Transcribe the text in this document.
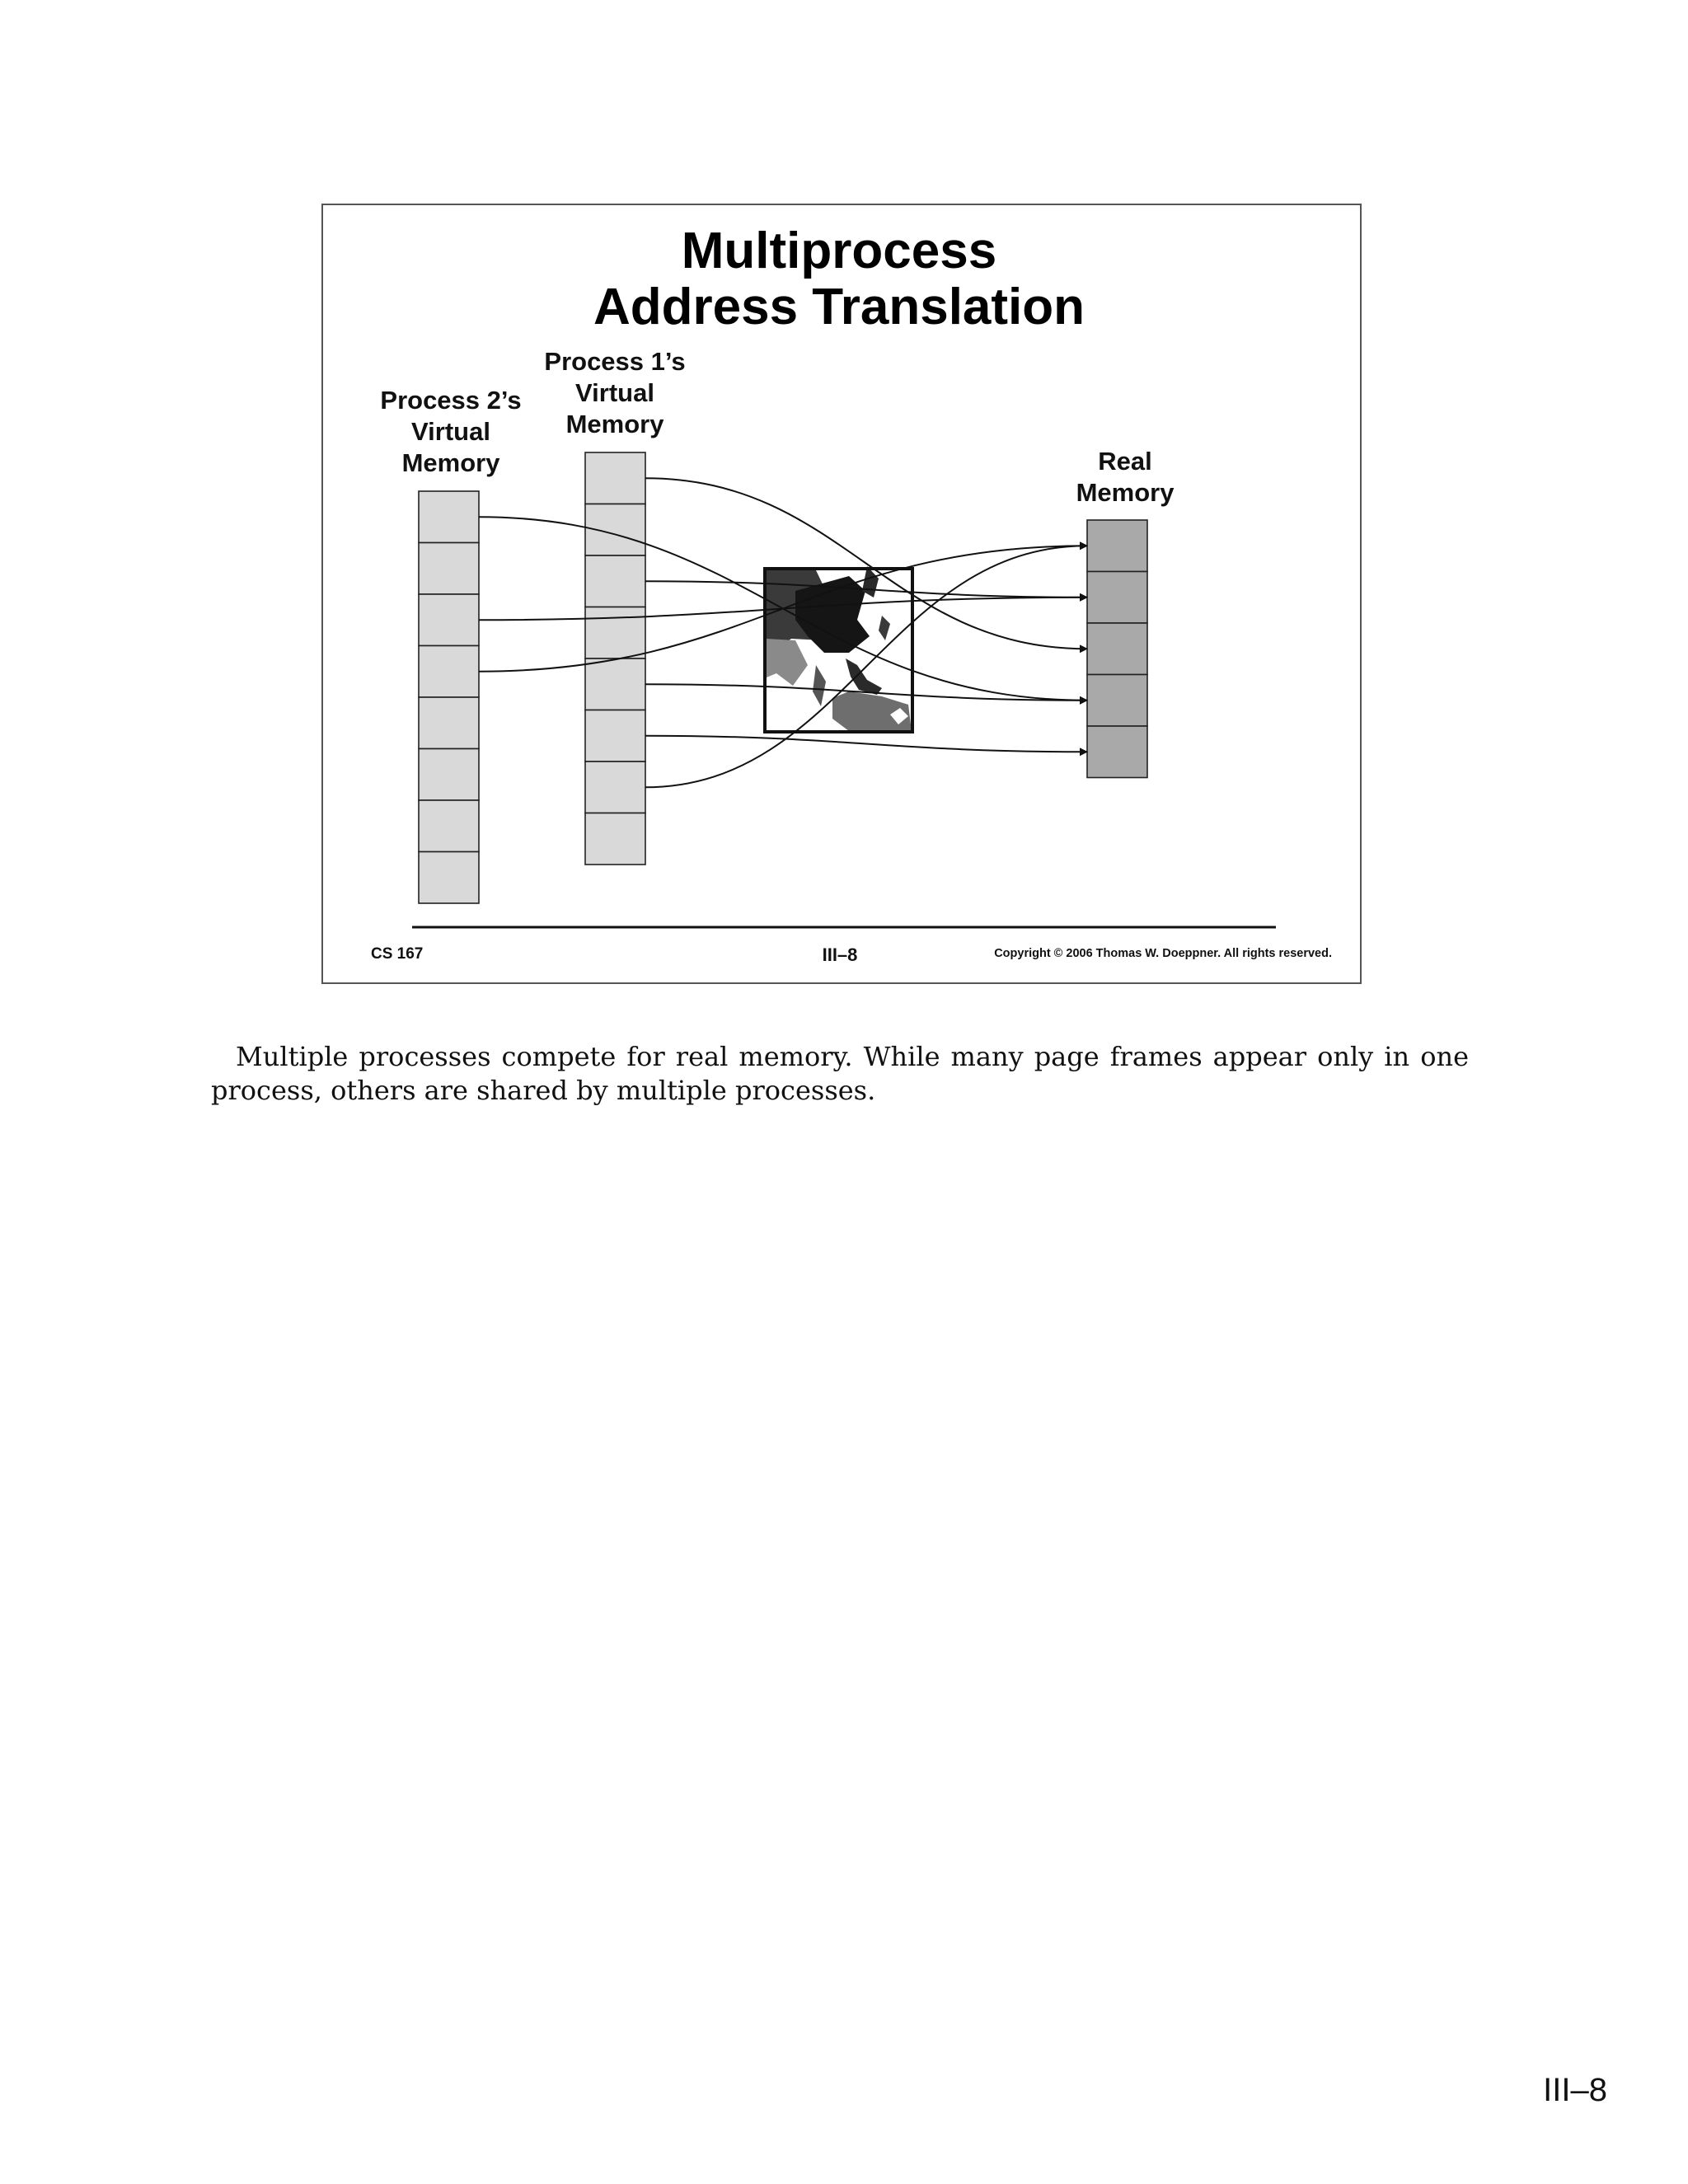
Multiprocess
Address Translation
Process 1’s
Virtual
Memory
Process 2’s
Virtual
Memory	Real
Memory
CS 167	III–8	Copyright © 2006 Thomas W. Doeppner. All rights reserved.

Multiple processes compete for real memory. While many page frames appear only in one process, others are shared by multiple processes.

III–8
